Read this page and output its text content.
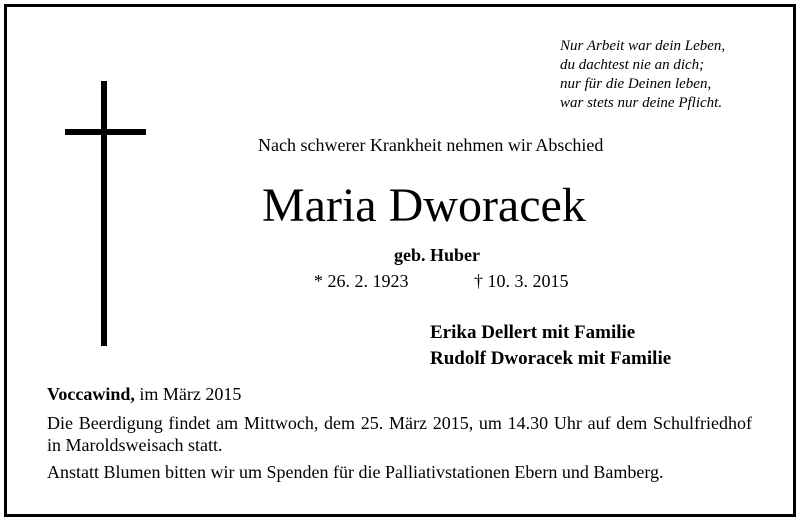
Nur Arbeit war dein Leben,
du dachtest nie an dich;
nur für die Deinen leben,
war stets nur deine Pflicht.
Nach schwerer Krankheit nehmen wir Abschied
Maria Dworacek
geb. Huber
* 26. 2. 1923	† 10. 3. 2015
Erika Dellert mit Familie
Rudolf Dworacek mit Familie
Voccawind, im März 2015
Die Beerdigung findet am Mittwoch, dem 25. März 2015, um 14.30 Uhr auf dem Schulfriedhof in Maroldsweisach statt.
Anstatt Blumen bitten wir um Spenden für die Palliativstationen Ebern und Bamberg.
